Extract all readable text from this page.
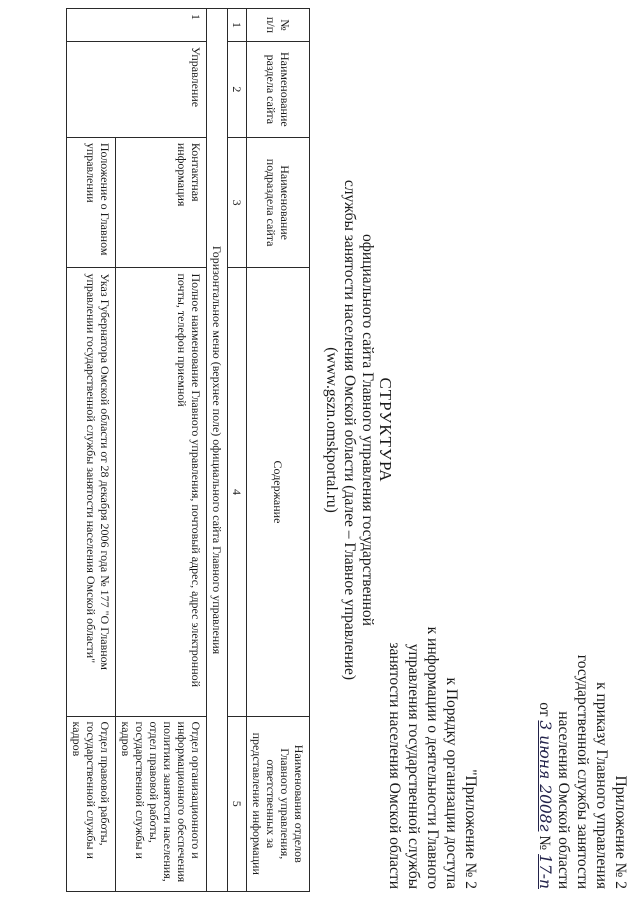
Приложение № 2
к приказу Главного управления
государственной службы занятости
населения Омской области
от 3 июня 2008г № 17-п
"Приложение № 2
к Порядку организации доступа
к информации о деятельности Главного
управления государственной службы
занятости населения Омской области
СТРУКТУРА
официального сайта Главного управления государственной
службы занятости населения Омской области (далее – Главное управление)
(www.gszn.omskportal.ru)
№ п/п	Наименование раздела сайта	Наименование подраздела сайта	Содержание	Наименования отделов Главного управления, ответственных за представление информации
1	2	3	4	5
Горизонтальное меню (верхнее поле) официального сайта Главного управления				
1	Управление	Контактная информация	Полное наименование Главного управления, почтовый адрес, адрес электронной почты, телефон приемной	Отдел организационного и информационного обеспечения политики занятости населения, отдел правовой работы, государственной службы и кадров
		Положение о Главном управлении	Указ Губернатора Омской области от 28 декабря 2006 года № 177 "О Главном управлении государственной службы занятости населения Омской области"	Отдел правовой работы, государственной службы и кадров
